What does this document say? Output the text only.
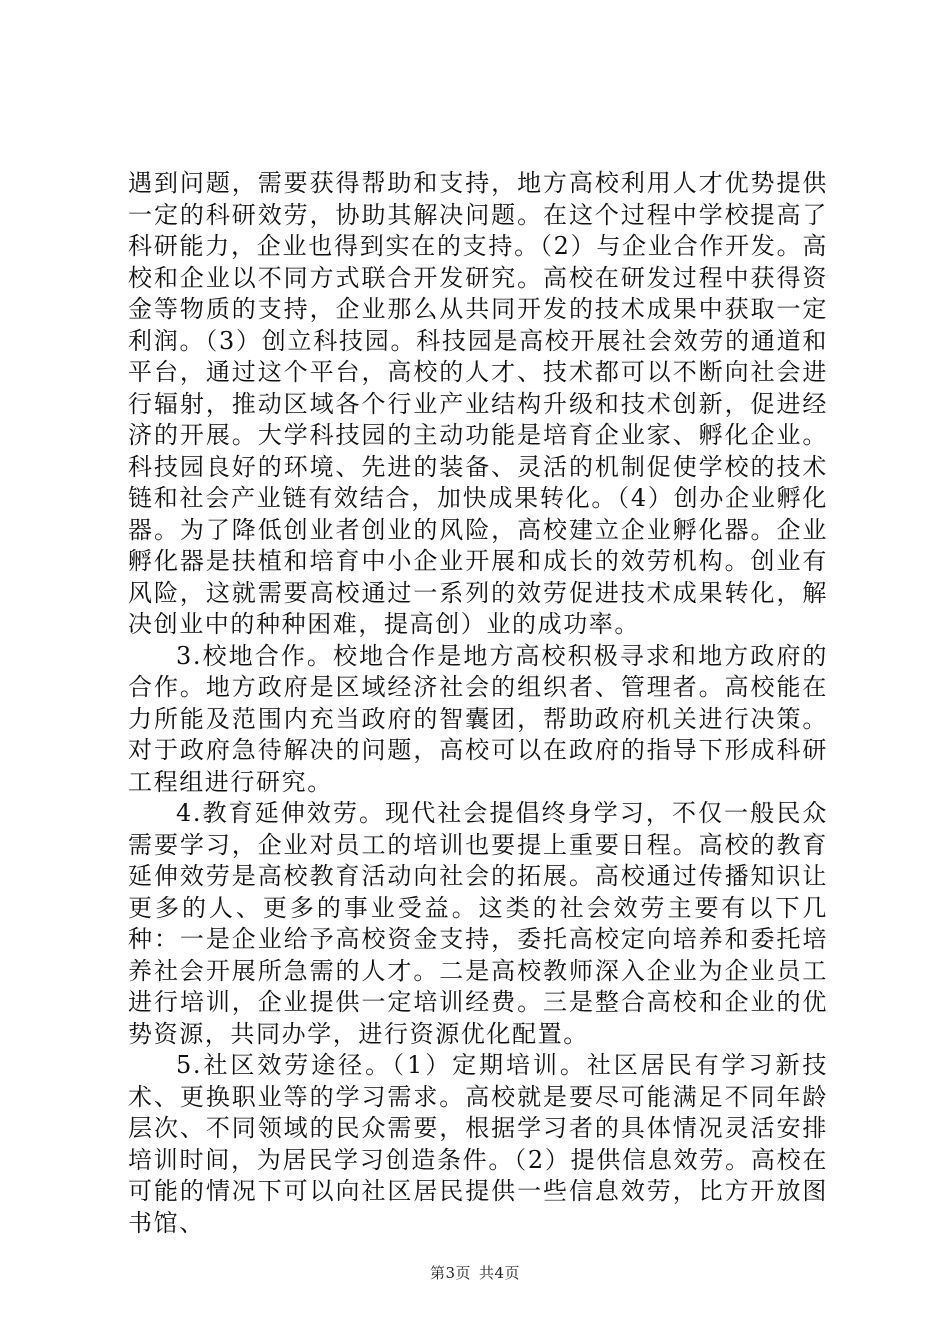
遇到问题，需要获得帮助和支持，地方高校利用人才优势提供一定的科研效劳，协助其解决问题。在这个过程中学校提高了科研能力，企业也得到实在的支持。（2）与企业合作开发。高校和企业以不同方式联合开发研究。高校在研发过程中获得资金等物质的支持，企业那么从共同开发的技术成果中获取一定利润。（3）创立科技园。科技园是高校开展社会效劳的通道和平台，通过这个平台，高校的人才、技术都可以不断向社会进行辐射，推动区域各个行业产业结构升级和技术创新，促进经济的开展。大学科技园的主动功能是培育企业家、孵化企业。科技园良好的环境、先进的装备、灵活的机制促使学校的技术链和社会产业链有效结合，加快成果转化。（4）创办企业孵化器。为了降低创业者创业的风险，高校建立企业孵化器。企业孵化器是扶植和培育中小企业开展和成长的效劳机构。创业有风险，这就需要高校通过一系列的效劳促进技术成果转化，解决创业中的种种困难，提高创）业的成功率。

3.校地合作。校地合作是地方高校积极寻求和地方政府的合作。地方政府是区域经济社会的组织者、管理者。高校能在力所能及范围内充当政府的智囊团，帮助政府机关进行决策。对于政府急待解决的问题，高校可以在政府的指导下形成科研工程组进行研究。

4.教育延伸效劳。现代社会提倡终身学习，不仅一般民众需要学习，企业对员工的培训也要提上重要日程。高校的教育延伸效劳是高校教育活动向社会的拓展。高校通过传播知识让更多的人、更多的事业受益。这类的社会效劳主要有以下几种：一是企业给予高校资金支持，委托高校定向培养和委托培养社会开展所急需的人才。二是高校教师深入企业为企业员工进行培训，企业提供一定培训经费。三是整合高校和企业的优势资源，共同办学，进行资源优化配置。

5.社区效劳途径。（1）定期培训。社区居民有学习新技术、更换职业等的学习需求。高校就是要尽可能满足不同年龄层次、不同领域的民众需要，根据学习者的具体情况灵活安排培训时间，为居民学习创造条件。（2）提供信息效劳。高校在可能的情况下可以向社区居民提供一些信息效劳，比方开放图书馆、

第3页 共4页
